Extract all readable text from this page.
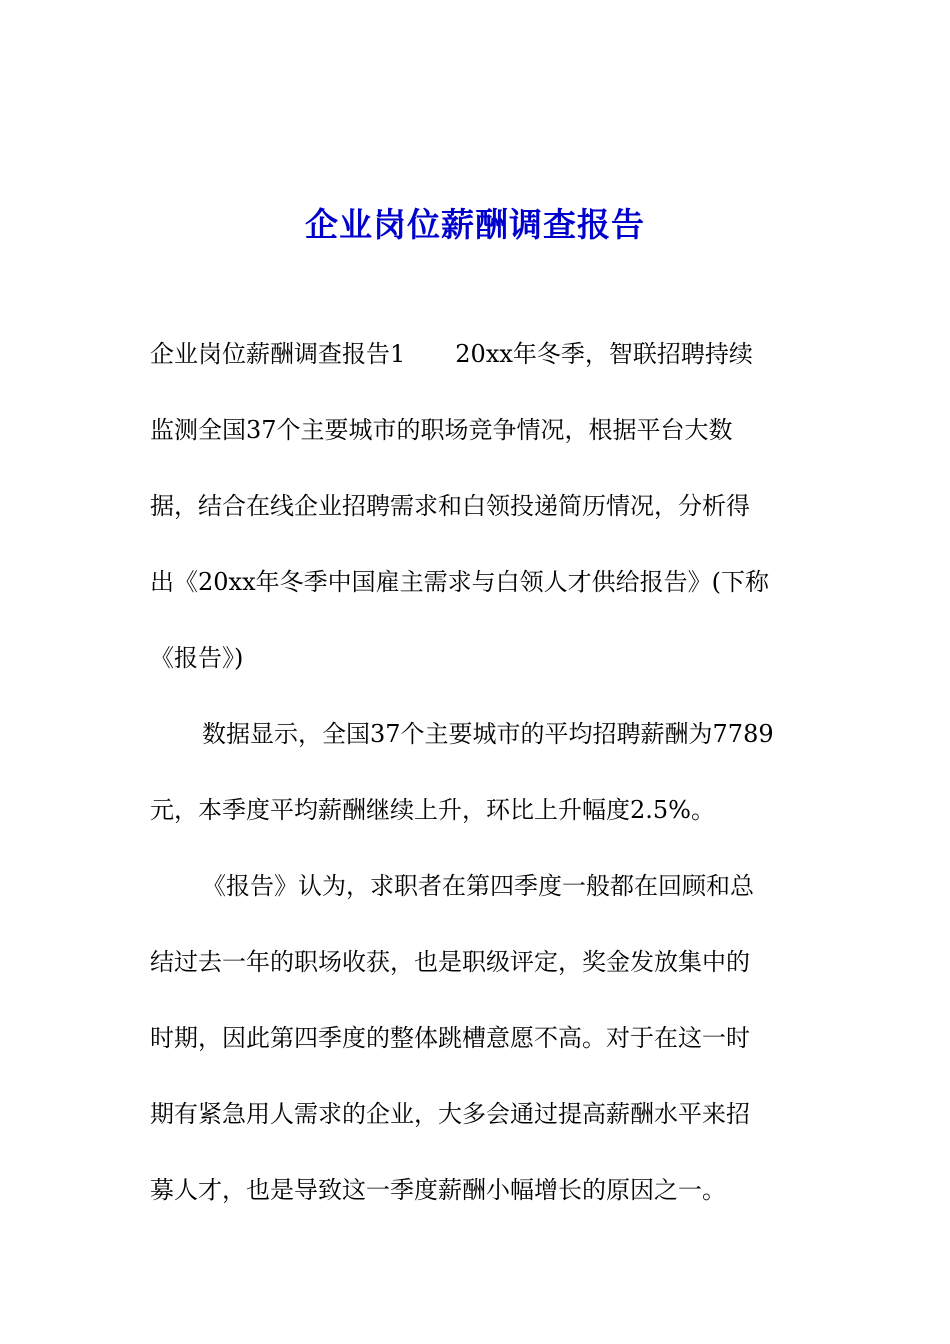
企业岗位薪酬调查报告

企业岗位薪酬调查报告1 20xx年冬季，智联招聘持续
监测全国37个主要城市的职场竞争情况，根据平台大数
据，结合在线企业招聘需求和白领投递简历情况，分析得
出《20xx年冬季中国雇主需求与白领人才供给报告》(下称
《报告》)

数据显示，全国37个主要城市的平均招聘薪酬为7789
元，本季度平均薪酬继续上升，环比上升幅度2.5%。

《报告》认为，求职者在第四季度一般都在回顾和总
结过去一年的职场收获，也是职级评定，奖金发放集中的
时期，因此第四季度的整体跳槽意愿不高。对于在这一时
期有紧急用人需求的企业，大多会通过提高薪酬水平来招
募人才，也是导致这一季度薪酬小幅增长的原因之一。
